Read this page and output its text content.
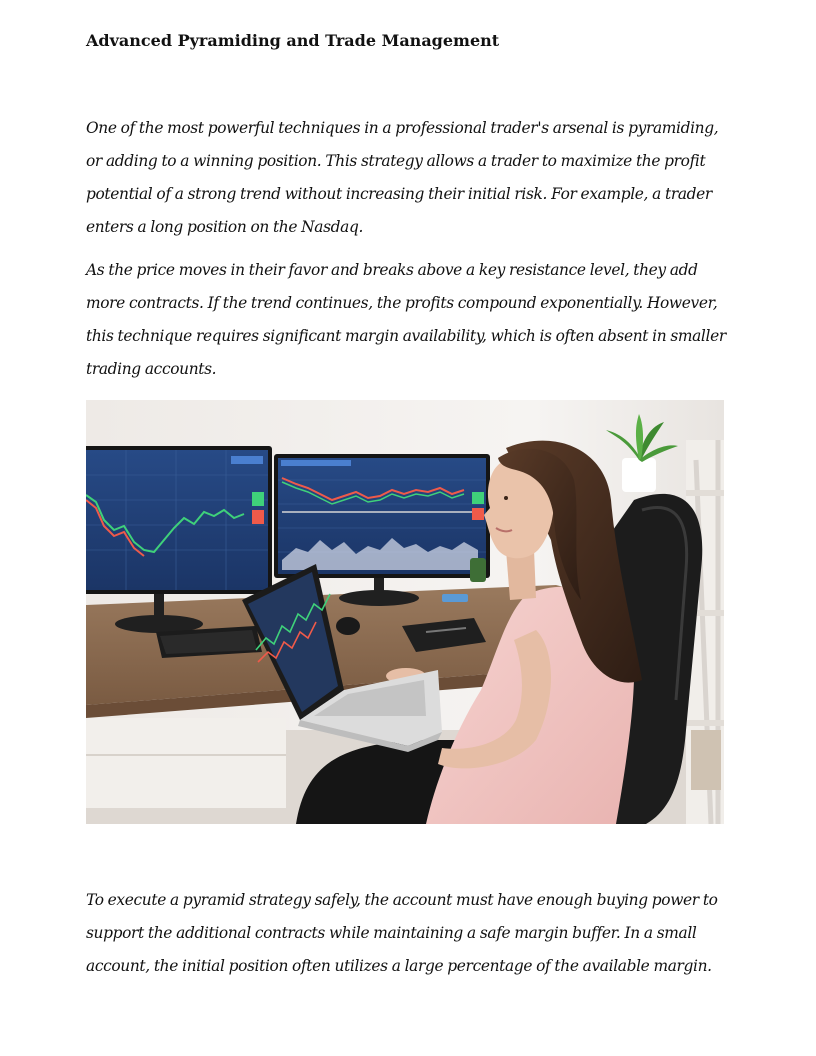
Advanced Pyramiding and Trade Management

One of the most powerful techniques in a professional trader's arsenal is pyramiding, or adding to a winning position. This strategy allows a trader to maximize the profit potential of a strong trend without increasing their initial risk. For example, a trader enters a long position on the Nasdaq.

As the price moves in their favor and breaks above a key resistance level, they add more contracts. If the trend continues, the profits compound exponentially. However, this technique requires significant margin availability, which is often absent in smaller trading accounts.

To execute a pyramid strategy safely, the account must have enough buying power to support the additional contracts while maintaining a safe margin buffer. In a small account, the initial position often utilizes a large percentage of the available margin.
